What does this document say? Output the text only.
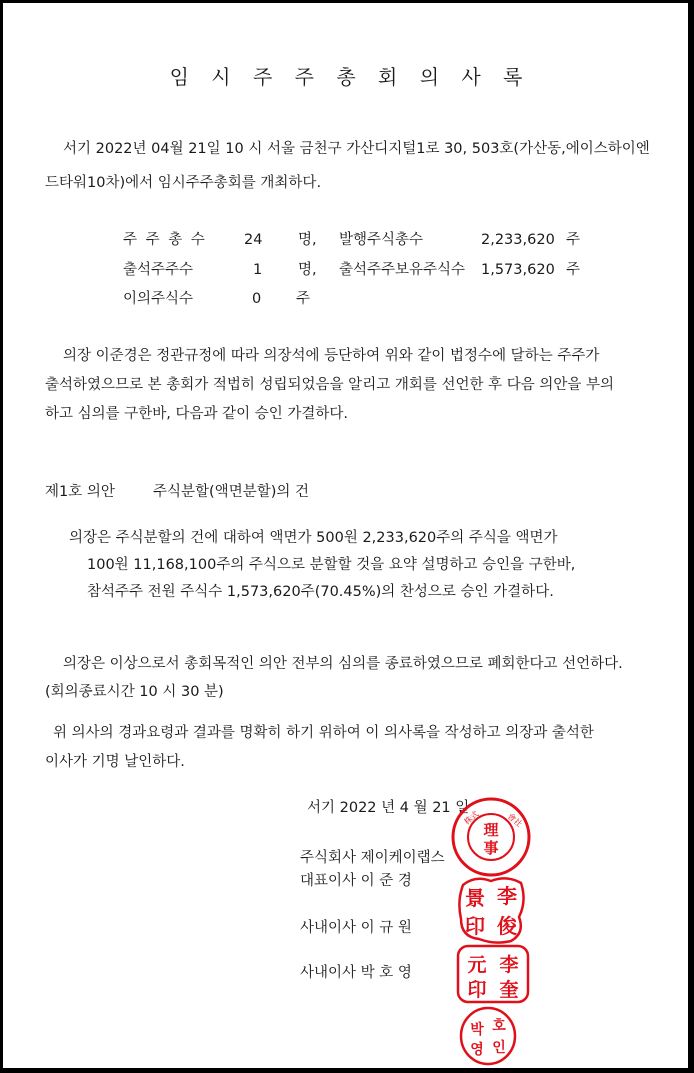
임 시 주 주 총 회 의 사 록
서기 2022년 04월 21일 10 시 서울 금천구 가산디지털1로 30, 503호(가산동,에이스하이엔
드타워10차)에서 임시주주총회를 개최하다.
주 주 총 수	24 명, 발행주식총수	2,233,620 주
출석주주수	1 명, 출석주주보유주식수 1,573,620 주
이의주식수	0 주
의장 이준경은 정관규정에 따라 의장석에 등단하여 위와 같이 법정수에 달하는 주주가
출석하였으므로 본 총회가 적법히 성립되었음을 알리고 개회를 선언한 후 다음 의안을 부의
하고 심의를 구한바, 다음과 같이 승인 가결하다.
제1호 의안	주식분할(액면분할)의 건
의장은 주식분할의 건에 대하여 액면가 500원 2,233,620주의 주식을 액면가
100원 11,168,100주의 주식으로 분할할 것을 요약 설명하고 승인을 구한바,
참석주주 전원 주식수 1,573,620주(70.45%)의 찬성으로 승인 가결하다.
의장은 이상으로서 총회목적인 의안 전부의 심의를 종료하였으므로 폐회한다고 선언하다.
(회의종료시간 10 시 30 분)
위 의사의 경과요령과 결과를 명확히 하기 위하여 이 의사록을 작성하고 의장과 출석한
이사가 기명 날인하다.
서기 2022 년 4 월 21 일
주식회사 제이케이랩스
대표이사 이 준 경
사내이사 이 규 원
사내이사 박 호 영
理
事
株式	會社
景 李
印 俊
元 李
印 奎
박 호
영 인
